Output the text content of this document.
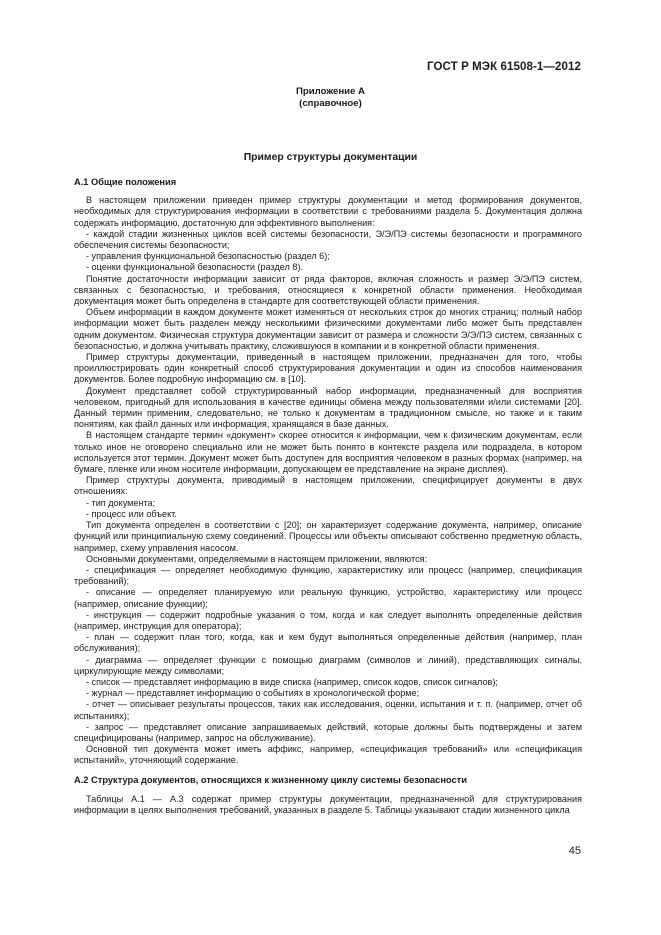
ГОСТ Р МЭК 61508-1—2012
Приложение А
(справочное)
Пример структуры документации
А.1 Общие положения

В настоящем приложении приведен пример структуры документации и метод формирования документов, необходимых для структурирования информации в соответствии с требованиями раздела 5. Документация должна содержать информацию, достаточную для эффективного выполнения:

- каждой стадии жизненных циклов всей системы безопасности, Э/Э/ПЭ системы безопасности и программного обеспечения системы безопасности;

- управления функциональной безопасностью (раздел 6);

- оценки функциональной безопасности (раздел 8).

Понятие достаточности информации зависит от ряда факторов, включая сложность и размер Э/Э/ПЭ систем, связанных с безопасностью, и требования, относящиеся к конкретной области применения. Необходимая документация может быть определена в стандарте для соответствующей области применения.

Объем информации в каждом документе может изменяться от нескольких строк до многих страниц; полный набор информации может быть разделен между несколькими физическими документами либо может быть представлен одним документом. Физическая структура документации зависит от размера и сложности Э/Э/ПЭ систем, связанных с безопасностью, и должна учитывать практику, сложившуюся в компании и в конкретной области применения.

Пример структуры документации, приведенный в настоящем приложении, предназначен для того, чтобы проиллюстрировать один конкретный способ структурирования документации и один из способов наименования документов. Более подробную информацию см. в [10].

Документ представляет собой структурированный набор информации, предназначенный для восприятия человеком, пригодный для использования в качестве единицы обмена между пользователями и/или системами [20]. Данный термин применим, следовательно, не только к документам в традиционном смысле, но также и к таким понятиям, как файл данных или информация, хранящаяся в базе данных.

В настоящем стандарте термин «документ» скорее относится к информации, чем к физическим документам, если только иное не оговорено специально или не может быть понято в контексте раздела или подраздела, в котором используется этот термин. Документ может быть доступен для восприятия человеком в разных формах (например, на бумаге, пленке или ином носителе информации, допускающем ее представление на экране дисплея).

Пример структуры документа, приводимый в настоящем приложении, специфицирует документы в двух отношениях:

- тип документа;

- процесс или объект.

Тип документа определен в соответствии с [20]; он характеризует содержание документа, например, описание функций или принципиальную схему соединений. Процессы или объекты описывают собственно предметную область, например, схему управления насосом.

Основными документами, определяемыми в настоящем приложении, являются:

- спецификация — определяет необходимую функцию, характеристику или процесс (например, спецификация требований);

- описание — определяет планируемую или реальную функцию, устройство, характеристику или процесс (например, описание функции);

- инструкция — содержит подробные указания о том, когда и как следует выполнять определенные действия (например, инструкция для оператора);

- план — содержит план того, когда, как и кем будут выполняться определенные действия (например, план обслуживания);

- диаграмма — определяет функции с помощью диаграмм (символов и линий), представляющих сигналы, циркулирующие между символами;

- список — представляет информацию в виде списка (например, список кодов, список сигналов);

- журнал — представляет информацию о событиях в хронологической форме;

- отчет — описывает результаты процессов, таких как исследования, оценки, испытания и т. п. (например, отчет об испытаниях);

- запрос — представляет описание запрашиваемых действий, которые должны быть подтверждены и затем специфицированы (например, запрос на обслуживание).

Основной тип документа может иметь аффикс, например, «спецификация требований» или «спецификация испытаний», уточняющий содержание.

А.2 Структура документов, относящихся к жизненному циклу системы безопасности

Таблицы А.1 — А.3 содержат пример структуры документации, предназначенной для структурирования информации в целях выполнения требований, указанных в разделе 5. Таблицы указывают стадии жизненного цикла

45
